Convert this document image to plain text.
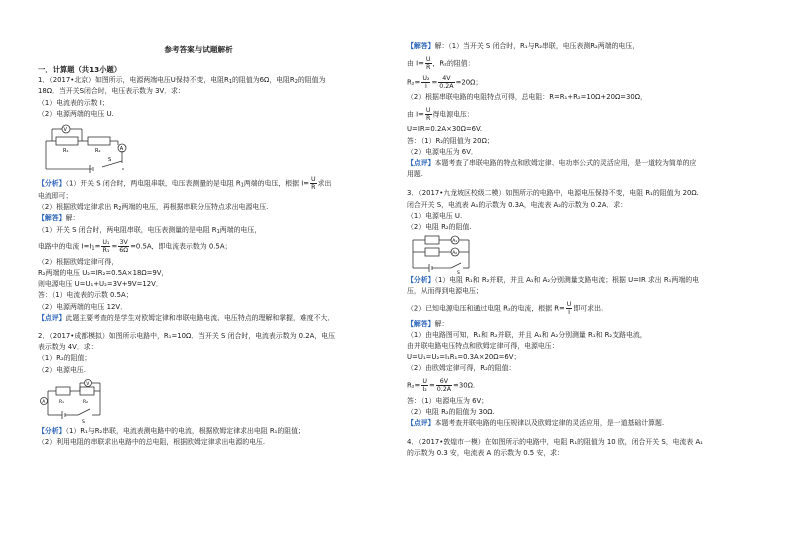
参考答案与试题解析
一．计算题（共13小题）

1．（2017•北京）如图所示，电源两端电压U保持不变，电阻$R_1$的阻值为6Ω，电阻$R_2$的阻值为

18Ω．当开关S闭合时，电压表示数为 3V．求：

（1）电流表的示数 I；

（2）电源两端的电压 U.

V
A
R₁	R₂
S

【分析】（1）开关 S 闭合时，两电阻串联，电压表测量的是电阻 $R_1$两端的电压，根据 $I= \frac{U}{R}$ 求出

电流即可；

（2）根据欧姆定律求出 $R_2$两端的电压，再根据串联分压特点求出电源电压.

【解答】解：

（1）开关 S 闭合时，两电阻串联，电压表测量的是电阻 $R_1$两端的电压，

电路中的电流 $I=I_1= \frac{\text{U₁}}{\text{R₁}} = \frac{3V}{6\Omega} =0.5A$，即电流表示数为 0.5A；

（2）根据欧姆定律可得，

R₂两端的电压 U₂=IR₂=0.5A×18Ω=9V，

则电源电压 U=U₁+U₂=3V+9V=12V．

答：（1）电流表的示数 0.5A；

（2）电源两端的电压 12V．

【点评】此题主要考查的是学生对欧姆定律和串联电路电流、电压特点的理解和掌握，难度不大．

2．（2017•成都模拟）如图所示电路中，R₁=10Ω．当开关 S 闭合时，电流表示数为 0.2A，电压

表示数为 4V．求：

（1）R₂的阻值；

（2）电源电压.

V
A	R₁	R₂
S

【分析】（1）R₁与R₂串联，电流表测电路中的电流，根据欧姆定律求出电阻 R₁的阻值；

（2）利用电阻的串联求出电路中的总电阻，根据欧姆定律求出电源的电压.

【解答】解：（1）当开关 S 闭合时，R₁与R₂串联，电压表测R₂两端的电压，

由 $I= \frac{U}{R}$ ，R₂的阻值：

$R_2= \frac{\text{U₂}}{I} = \frac{4V}{0.2A} =20\Omega$；

（2）根据串联电路的电阻特点可得，总电阻：R=R₁+R₂=10Ω+20Ω=30Ω，

由 $I= \frac{U}{R}$ 得电源电压：

U=IR=0.2A×30Ω=6V.

答：（1）R₂的阻值为 20Ω；

（2）电源电压为 6V．

【点评】本题考查了串联电路的特点和欧姆定律、电功率公式的灵活应用，是一道较为简单的应

用题.

3．（2017•九龙坡区校级二模）如图所示的电路中，电源电压保持不变，电阻 R₁的阻值为 20Ω.

闭合开关 S，电流表 A₁的示数为 0.3A，电流表 A₂的示数为 0.2A．求：

（1）电源电压 U.

（2）电阻 R₂的阻值.

A₁
A₂
S

【分析】（1）电阻 R₁和 R₂并联，并且 A₁和 A₂分别测量支路电流；根据 U=IR 求出 R₁两端的电

压，从而得到电源电压；

（2）已知电源电压和通过电阻 R₂的电流，根据 $R= \frac{U}{I}$ 即可求出.

【解答】解：

（1）由电路图可知，R₁和 R₂并联，并且 A₁和 A₂分别测量 R₁和 R₂支路电流，

由并联电路电压特点和欧姆定律可得，电源电压：

U=U₁=U₂=I₁R₁=0.3A×20Ω=6V；

（2）由欧姆定律可得，R₂的阻值：

$R_2= \frac{U}{\text{I₂}} = \frac{6V}{0.2A} =30\Omega$.

答：（1）电源电压为 6V；

（2）电阻 R₂的阻值为 30Ω.

【点评】本题考查并联电路的电压规律以及欧姆定律的灵活应用，是一道基础计算题.

4．（2017•敦煌市一模）在如图所示的电路中，电阻 R₁的阻值为 10 欧，闭合开关 S，电流表 A₁

的示数为 0.3 安，电流表 A 的示数为 0.5 安，求：
